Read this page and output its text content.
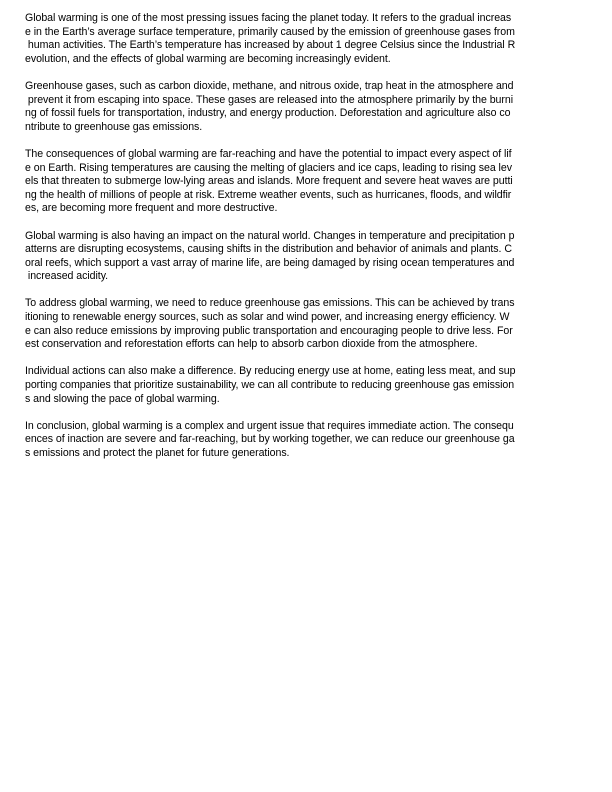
Global warming is one of the most pressing issues facing the planet today. It refers to the gradual increas
e in the Earth’s average surface temperature, primarily caused by the emission of greenhouse gases from
human activities. The Earth’s temperature has increased by about 1 degree Celsius since the Industrial R
evolution, and the effects of global warming are becoming increasingly evident.
Greenhouse gases, such as carbon dioxide, methane, and nitrous oxide, trap heat in the atmosphere and
prevent it from escaping into space. These gases are released into the atmosphere primarily by the burni
ng of fossil fuels for transportation, industry, and energy production. Deforestation and agriculture also co
ntribute to greenhouse gas emissions.
The consequences of global warming are far-reaching and have the potential to impact every aspect of lif
e on Earth. Rising temperatures are causing the melting of glaciers and ice caps, leading to rising sea lev
els that threaten to submerge low-lying areas and islands. More frequent and severe heat waves are putti
ng the health of millions of people at risk. Extreme weather events, such as hurricanes, floods, and wildfir
es, are becoming more frequent and more destructive.
Global warming is also having an impact on the natural world. Changes in temperature and precipitation p
atterns are disrupting ecosystems, causing shifts in the distribution and behavior of animals and plants. C
oral reefs, which support a vast array of marine life, are being damaged by rising ocean temperatures and
increased acidity.
To address global warming, we need to reduce greenhouse gas emissions. This can be achieved by trans
itioning to renewable energy sources, such as solar and wind power, and increasing energy efficiency. W
e can also reduce emissions by improving public transportation and encouraging people to drive less. For
est conservation and reforestation efforts can help to absorb carbon dioxide from the atmosphere.
Individual actions can also make a difference. By reducing energy use at home, eating less meat, and sup
porting companies that prioritize sustainability, we can all contribute to reducing greenhouse gas emission
s and slowing the pace of global warming.
In conclusion, global warming is a complex and urgent issue that requires immediate action. The consequ
ences of inaction are severe and far-reaching, but by working together, we can reduce our greenhouse ga
s emissions and protect the planet for future generations.
